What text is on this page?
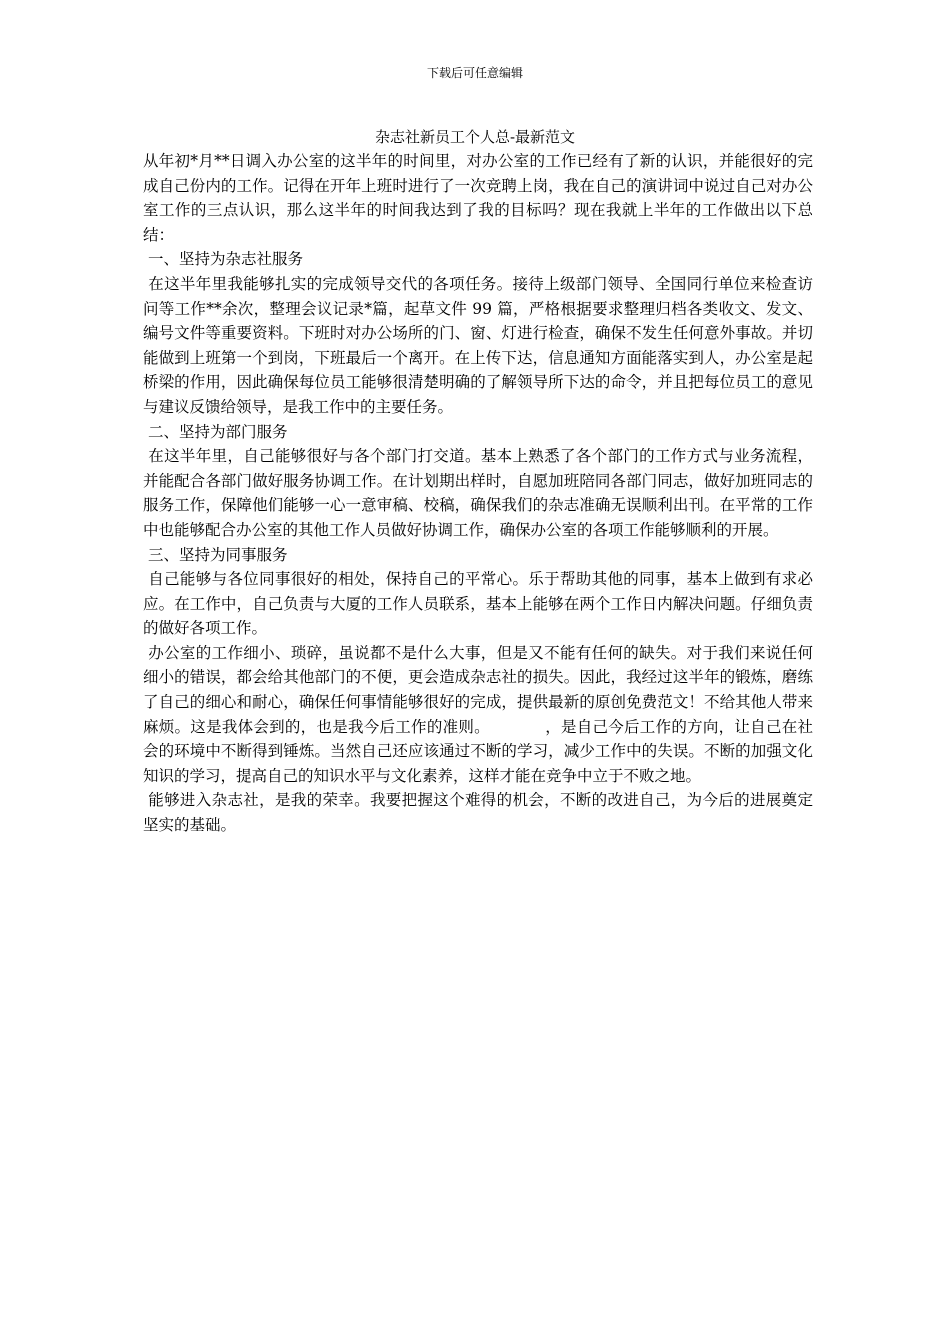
下载后可任意编辑
杂志社新员工个人总-最新范文

从年初*月**日调入办公室的这半年的时间里，对办公室的工作已经有了新的认识，并能很好的完成自己份内的工作。记得在开年上班时进行了一次竞聘上岗，我在自己的演讲词中说过自己对办公室工作的三点认识，那么这半年的时间我达到了我的目标吗？现在我就上半年的工作做出以下总结：

一、坚持为杂志社服务

在这半年里我能够扎实的完成领导交代的各项任务。接待上级部门领导、全国同行单位来检查访问等工作**余次，整理会议记录*篇，起草文件 99 篇，严格根据要求整理归档各类收文、发文、编号文件等重要资料。下班时对办公场所的门、窗、灯进行检查，确保不发生任何意外事故。并切能做到上班第一个到岗，下班最后一个离开。在上传下达，信息通知方面能落实到人，办公室是起桥梁的作用，因此确保每位员工能够很清楚明确的了解领导所下达的命令，并且把每位员工的意见与建议反馈给领导，是我工作中的主要任务。

二、坚持为部门服务

在这半年里，自己能够很好与各个部门打交道。基本上熟悉了各个部门的工作方式与业务流程，并能配合各部门做好服务协调工作。在计划期出样时，自愿加班陪同各部门同志，做好加班同志的服务工作，保障他们能够一心一意审稿、校稿，确保我们的杂志准确无误顺利出刊。在平常的工作中也能够配合办公室的其他工作人员做好协调工作，确保办公室的各项工作能够顺利的开展。

三、坚持为同事服务

自己能够与各位同事很好的相处，保持自己的平常心。乐于帮助其他的同事，基本上做到有求必应。在工作中，自己负责与大厦的工作人员联系，基本上能够在两个工作日内解决问题。仔细负责的做好各项工作。

办公室的工作细小、琐碎，虽说都不是什么大事，但是又不能有任何的缺失。对于我们来说任何细小的错误，都会给其他部门的不便，更会造成杂志社的损失。因此，我经过这半年的锻炼，磨练了自己的细心和耐心，确保任何事情能够很好的完成，提供最新的原创免费范文！不给其他人带来麻烦。这是我体会到的，也是我今后工作的准则。　　　　，是自己今后工作的方向，让自己在社会的环境中不断得到锤炼。当然自己还应该通过不断的学习，减少工作中的失误。不断的加强文化知识的学习，提高自己的知识水平与文化素养，这样才能在竞争中立于不败之地。

能够进入杂志社，是我的荣幸。我要把握这个难得的机会，不断的改进自己，为今后的进展奠定坚实的基础。
